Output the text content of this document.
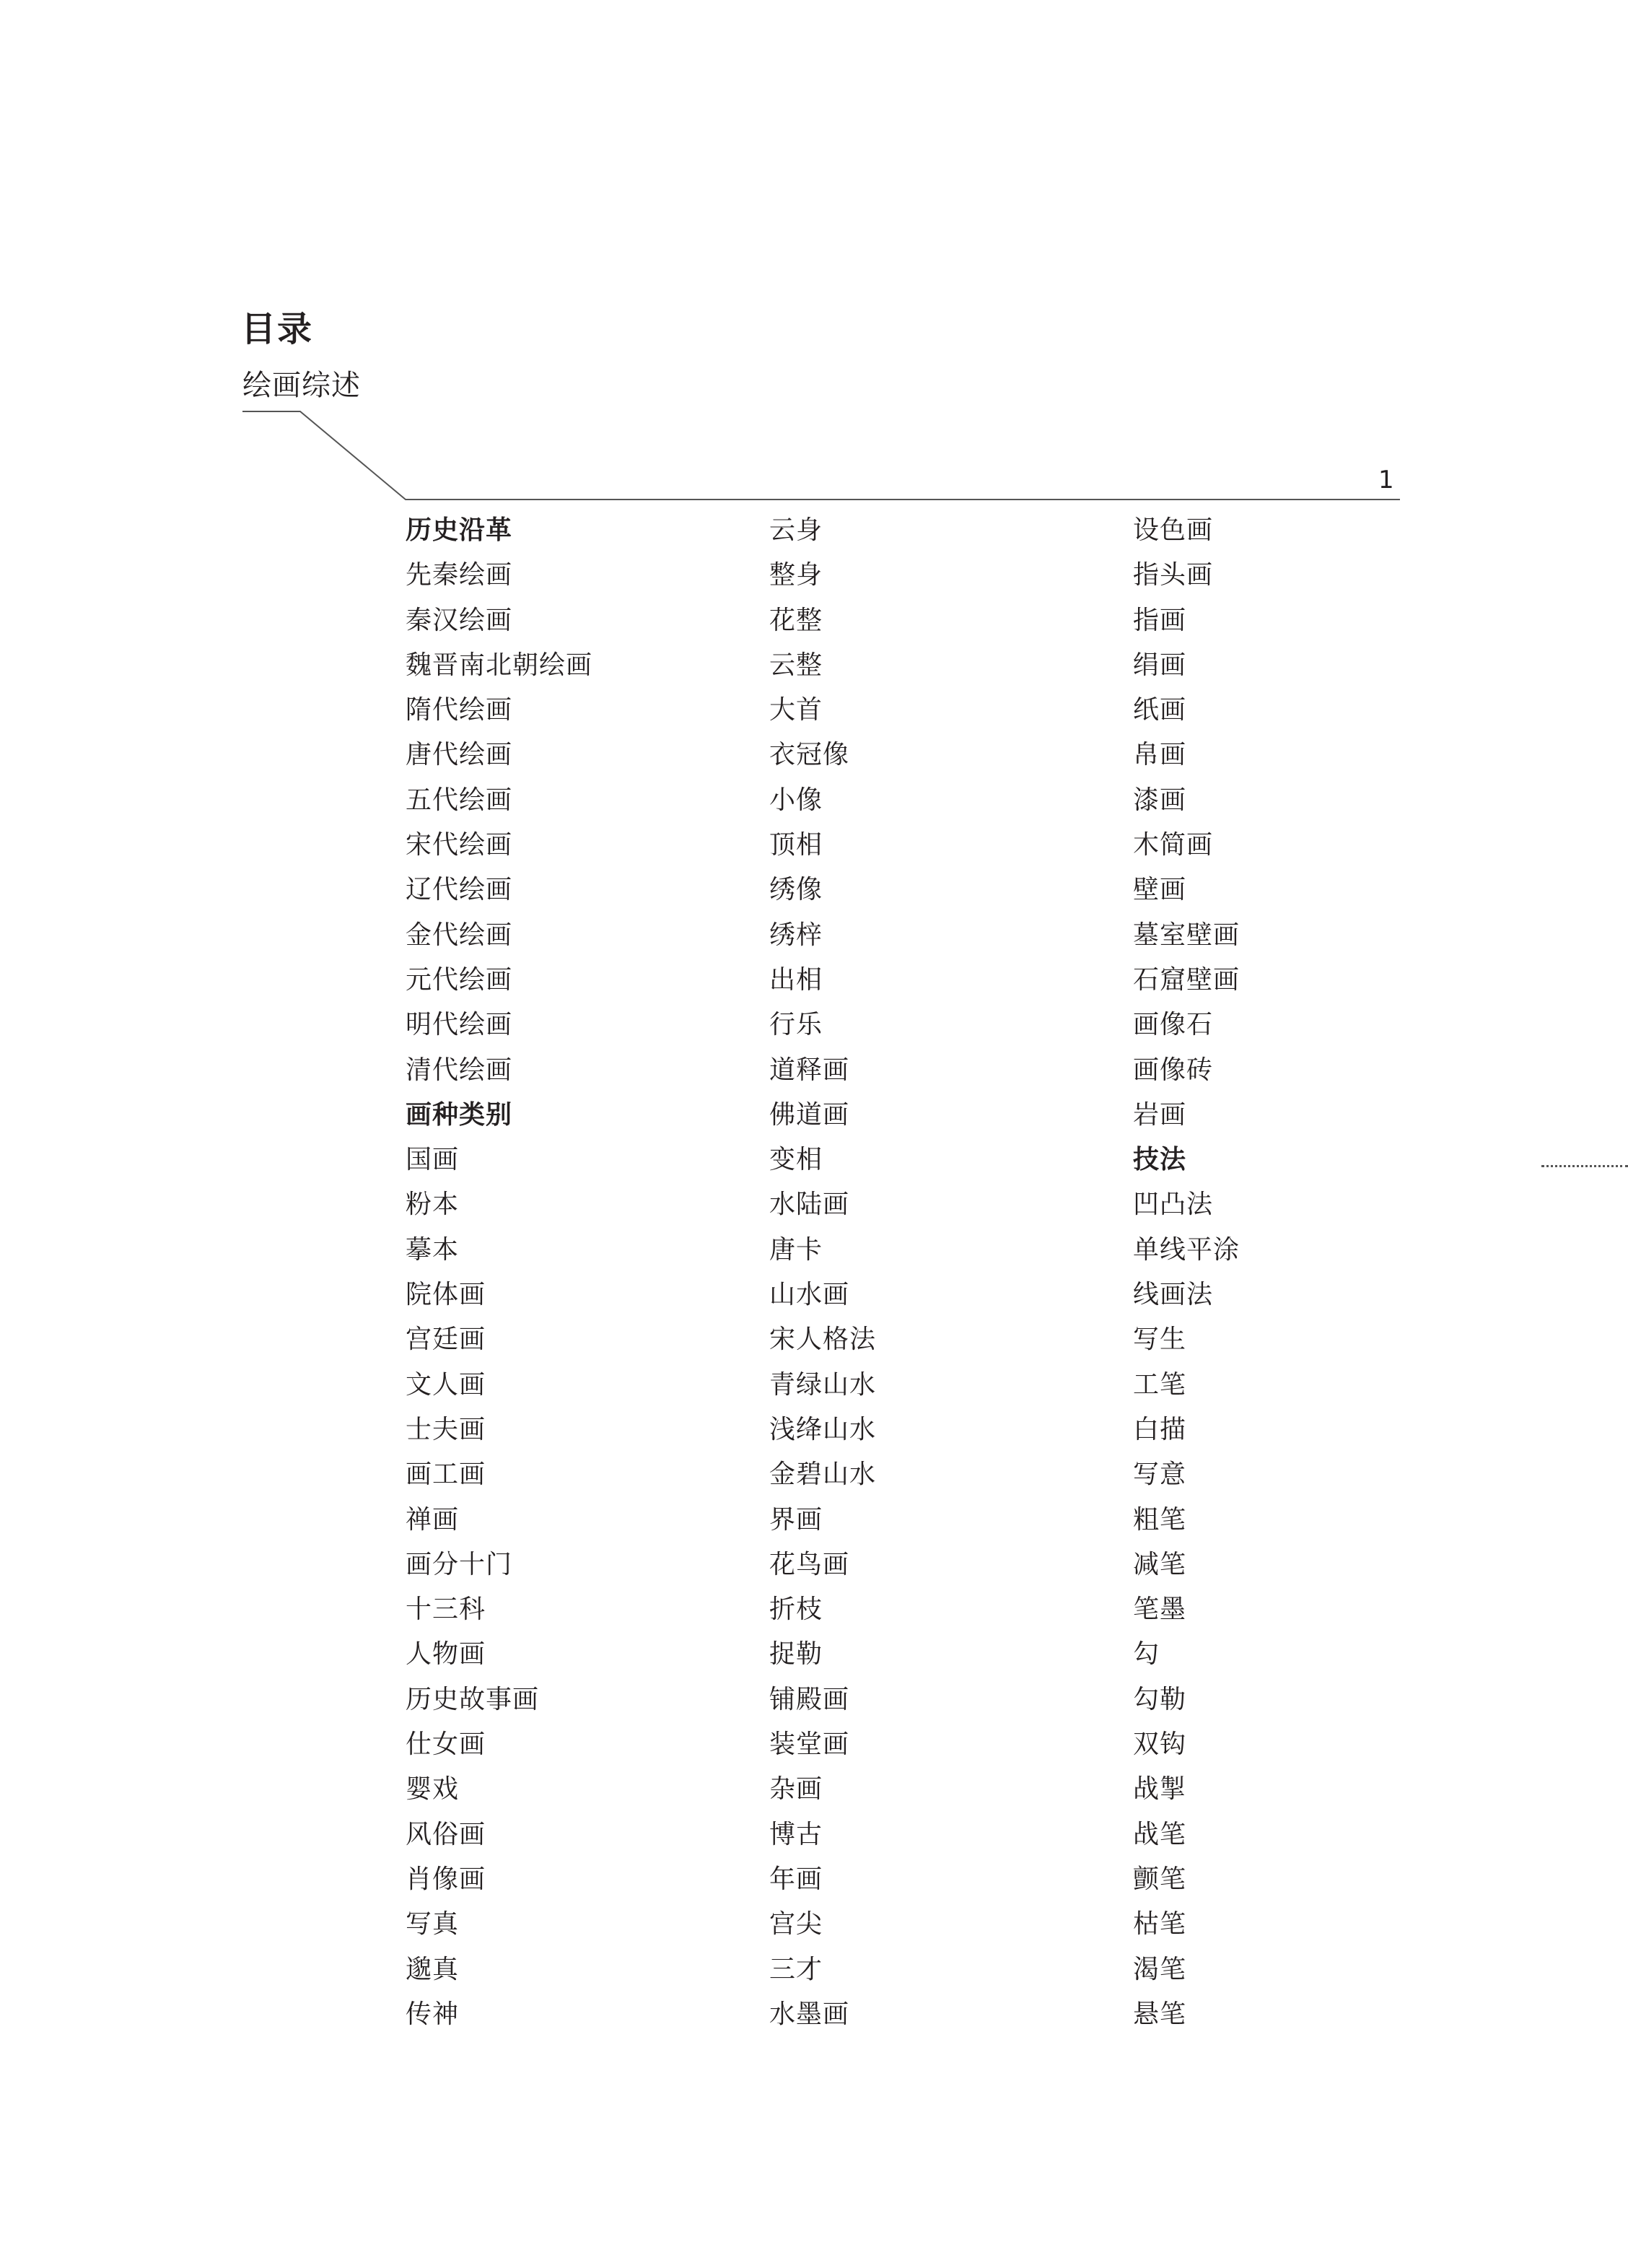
目录
绘画综述
1
历史沿革
先秦绘画
秦汉绘画
魏晋南北朝绘画
隋代绘画
唐代绘画
五代绘画
宋代绘画
辽代绘画
金代绘画
元代绘画
明代绘画
清代绘画
画种类别
国画
粉本
摹本
院体画
宫廷画
文人画
士夫画
画工画
禅画
画分十门
十三科
人物画
历史故事画
仕女画
婴戏
风俗画
肖像画
写真
邈真
传神
云身
整身
花整
云整
大首
衣冠像
小像
顶相
绣像
绣梓
出相
行乐
道释画
佛道画
变相
水陆画
唐卡
山水画
宋人格法
青绿山水
浅绛山水
金碧山水
界画
花鸟画
折枝
捉勒
铺殿画
装堂画
杂画
博古
年画
宫尖
三才
水墨画
设色画
指头画
指画
绢画
纸画
帛画
漆画
木简画
壁画
墓室壁画
石窟壁画
画像石
画像砖
岩画
技法
凹凸法
单线平涂
线画法
写生
工笔
白描
写意
粗笔
减笔
笔墨
勾
勾勒
双钩
战掣
战笔
颤笔
枯笔
渴笔
悬笔
